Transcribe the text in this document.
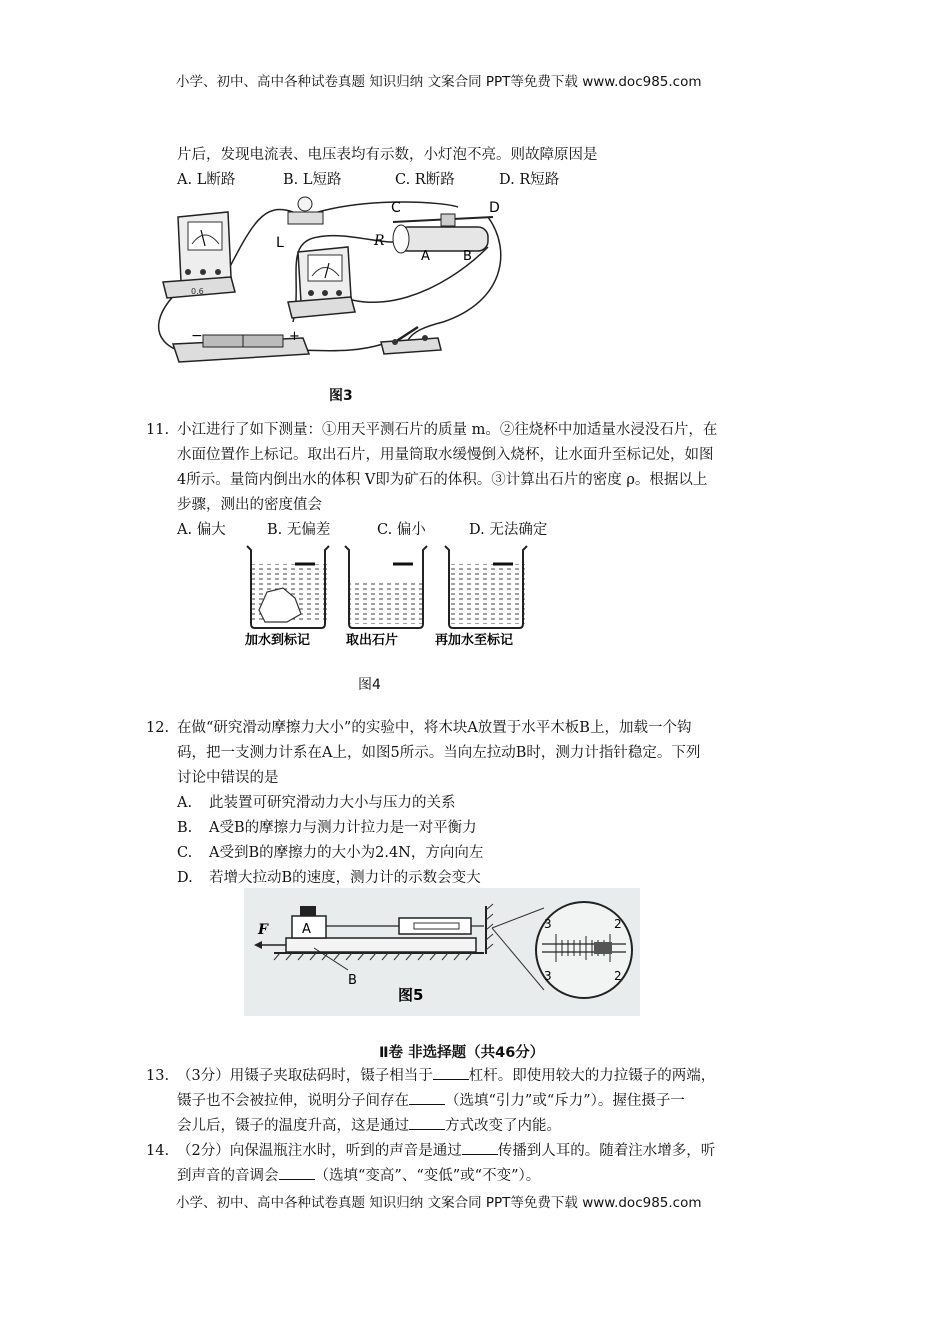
小学、初中、高中各种试卷真题 知识归纳 文案合同 PPT等免费下载 www.doc985.com
片后，发现电流表、电压表均有示数，小灯泡不亮。则故障原因是
A. L断路	B. L短路	C. R断路	D. R短路
0.6
L
C	D
R
A	B
−	+
图3
11. 小江进行了如下测量：①用天平测石片的质量 m。②往烧杯中加适量水浸没石片，在
水面位置作上标记。取出石片，用量筒取水缓慢倒入烧杯，让水面升至标记处，如图
4所示。量筒内倒出水的体积 V即为矿石的体积。③计算出石片的密度 ρ。根据以上
步骤，测出的密度值会
A. 偏大	B. 无偏差	C. 偏小	D. 无法确定
加水到标记	取出石片	再加水至标记
图4
12. 在做“研究滑动摩擦力大小”的实验中，将木块A放置于水平木板B上，加载一个钩
码，把一支测力计系在A上，如图5所示。当向左拉动B时，测力计指针稳定。下列
讨论中错误的是
A. 此装置可研究滑动力大小与压力的关系
B. A受B的摩擦力与测力计拉力是一对平衡力
C. A受到B的摩擦力的大小为2.4N，方向向左
D. 若增大拉动B的速度，测力计的示数会变大
A
F
B
3
3
2
2
图5
Ⅱ卷 非选择题（共46分）
13. （3分）用镊子夹取砝码时，镊子相当于 杠杆。即使用较大的力拉镊子的两端，
镊子也不会被拉伸，说明分子间存在 （选填“引力”或“斥力”）。握住摄子一
会儿后，镊子的温度升高，这是通过 方式改变了内能。
14. （2分）向保温瓶注水时，听到的声音是通过 传播到人耳的。随着注水增多，听
到声音的音调会 （选填“变高”、“变低”或“不变”）。
小学、初中、高中各种试卷真题 知识归纳 文案合同 PPT等免费下载 www.doc985.com
